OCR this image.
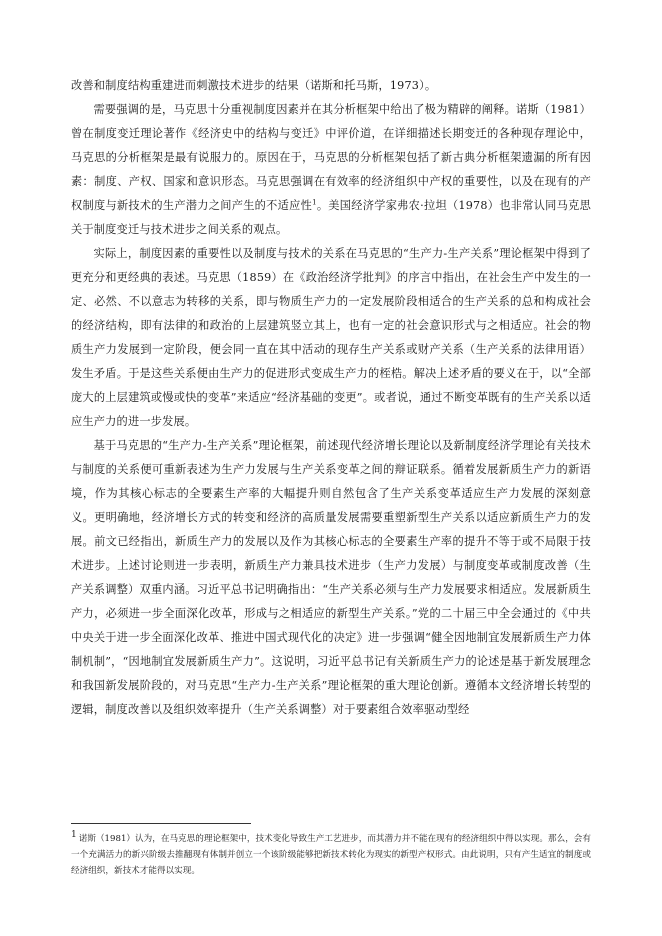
改善和制度结构重建进而刺激技术进步的结果（诺斯和托马斯，1973）。

需要强调的是，马克思十分重视制度因素并在其分析框架中给出了极为精辟的阐释。诺斯（1981）曾在制度变迁理论著作《经济史中的结构与变迁》中评价道，在详细描述长期变迁的各种现存理论中，马克思的分析框架是最有说服力的。原因在于，马克思的分析框架包括了新古典分析框架遗漏的所有因素：制度、产权、国家和意识形态。马克思强调在有效率的经济组织中产权的重要性，以及在现有的产权制度与新技术的生产潜力之间产生的不适应性$^1$。美国经济学家弗农·拉坦（1978）也非常认同马克思关于制度变迁与技术进步之间关系的观点。

实际上，制度因素的重要性以及制度与技术的关系在马克思的“生产力-生产关系”理论框架中得到了更充分和更经典的表述。马克思（1859）在《政治经济学批判》的序言中指出，在社会生产中发生的一定、必然、不以意志为转移的关系，即与物质生产力的一定发展阶段相适合的生产关系的总和构成社会的经济结构，即有法律的和政治的上层建筑竖立其上，也有一定的社会意识形式与之相适应。社会的物质生产力发展到一定阶段，便会同一直在其中活动的现存生产关系或财产关系（生产关系的法律用语）发生矛盾。于是这些关系便由生产力的促进形式变成生产力的桎梏。解决上述矛盾的要义在于，以“全部庞大的上层建筑或慢或快的变革”来适应“经济基础的变更”。或者说，通过不断变革既有的生产关系以适应生产力的进一步发展。

基于马克思的“生产力-生产关系”理论框架，前述现代经济增长理论以及新制度经济学理论有关技术与制度的关系便可重新表述为生产力发展与生产关系变革之间的辩证联系。循着发展新质生产力的新语境，作为其核心标志的全要素生产率的大幅提升则自然包含了生产关系变革适应生产力发展的深刻意义。更明确地，经济增长方式的转变和经济的高质量发展需要重塑新型生产关系以适应新质生产力的发展。前文已经指出，新质生产力的发展以及作为其核心标志的全要素生产率的提升不等于或不局限于技术进步。上述讨论则进一步表明，新质生产力兼具技术进步（生产力发展）与制度变革或制度改善（生产关系调整）双重内涵。习近平总书记明确指出：“生产关系必须与生产力发展要求相适应。发展新质生产力，必须进一步全面深化改革，形成与之相适应的新型生产关系。”党的二十届三中全会通过的《中共中央关于进一步全面深化改革、推进中国式现代化的决定》进一步强调“健全因地制宜发展新质生产力体制机制”，“因地制宜发展新质生产力”。这说明，习近平总书记有关新质生产力的论述是基于新发展理念和我国新发展阶段的，对马克思“生产力-生产关系”理论框架的重大理论创新。遵循本文经济增长转型的逻辑，制度改善以及组织效率提升（生产关系调整）对于要素组合效率驱动型经

1 诺斯（1981）认为，在马克思的理论框架中，技术变化导致生产工艺进步，而其潜力并不能在现有的经济组织中得以实现。那么，会有一个充满活力的新兴阶级去推翻现有体制并创立一个该阶级能够把新技术转化为现实的新型产权形式。由此说明，只有产生适宜的制度或经济组织，新技术才能得以实现。
